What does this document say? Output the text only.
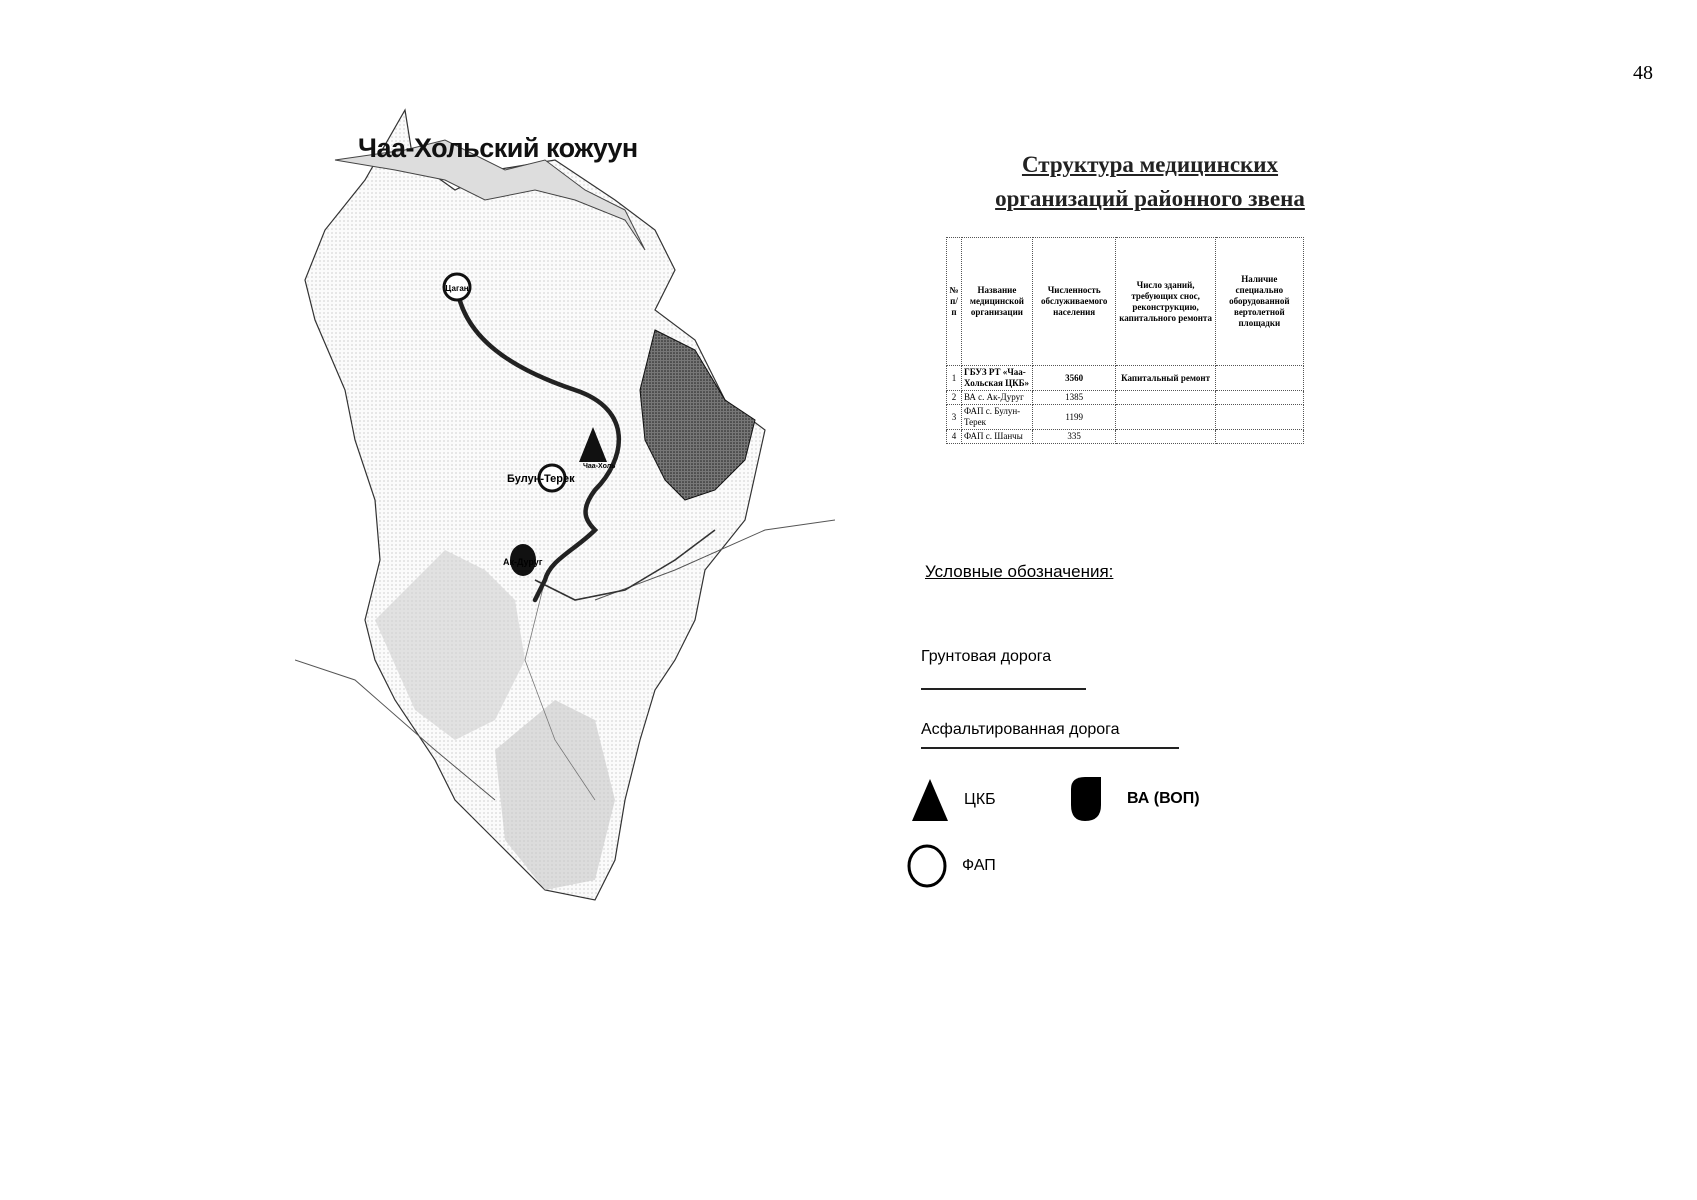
48
Цаган
Булун-Терек
Чаа-Холь
Ак-Дуруг
Чаа-Хольский кожуун
Структура медицинских
организаций районного звена
№ п/п	Название медицинской организации	Численность обслуживаемого населения	Число зданий, требующих снос, реконструкцию, капитального ремонта	Наличие специально оборудованной вертолетной площадки
1	ГБУЗ РТ «Чаа-Хольская ЦКБ»	3560	Капитальный ремонт	
2	ВА с. Ак-Дуруг	1385		
3	ФАП с. Булун-Терек	1199		
4	ФАП с. Шанчы	335		
Условные обозначения:
Грунтовая дорога
Асфальтированная дорога
ЦКБ	ВА (ВОП)
ФАП
